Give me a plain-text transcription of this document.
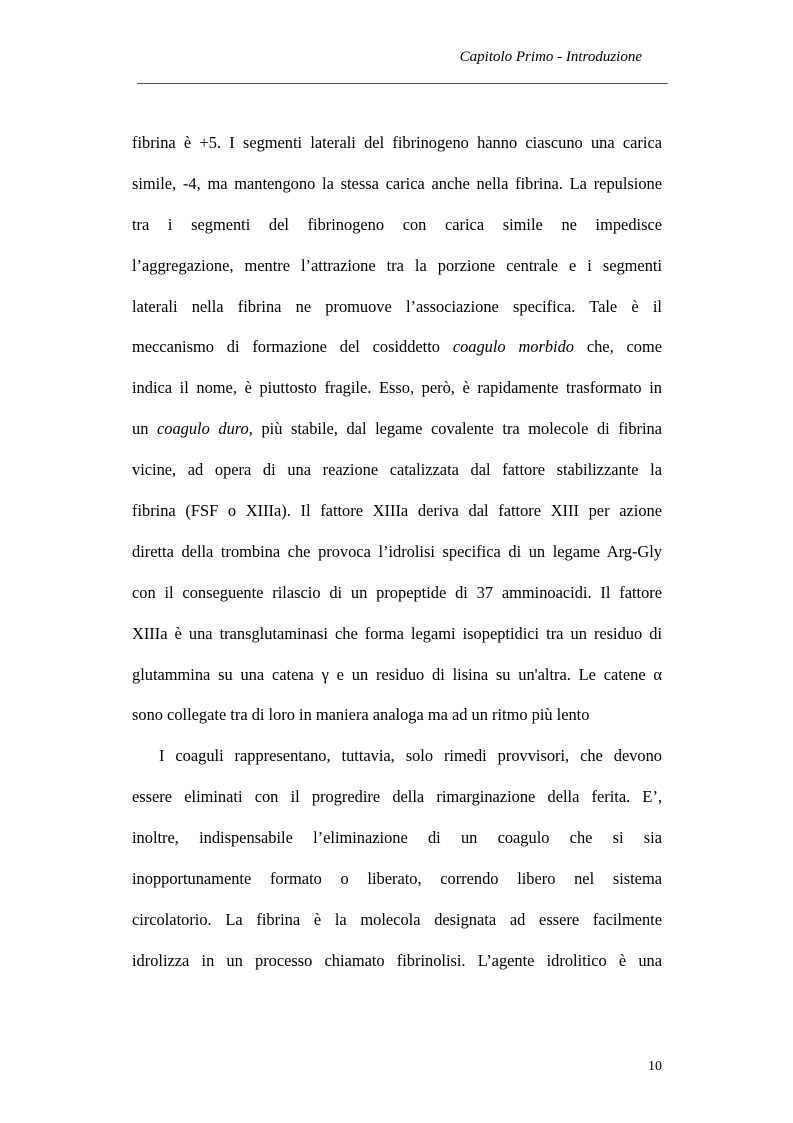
Capitolo Primo - Introduzione
fibrina è +5. I segmenti laterali del fibrinogeno hanno ciascuno una carica
simile, -4, ma mantengono la stessa carica anche nella fibrina. La repulsione
tra i segmenti del fibrinogeno con carica simile ne impedisce
l’aggregazione, mentre l’attrazione tra la porzione centrale e i segmenti
laterali nella fibrina ne promuove l’associazione specifica. Tale è il
meccanismo di formazione del cosiddetto coagulo morbido che, come
indica il nome, è piuttosto fragile. Esso, però, è rapidamente trasformato in
un coagulo duro, più stabile, dal legame covalente tra molecole di fibrina
vicine, ad opera di una reazione catalizzata dal fattore stabilizzante la
fibrina (FSF o XIIIa). Il fattore XIIIa deriva dal fattore XIII per azione
diretta della trombina che provoca l’idrolisi specifica di un legame Arg-Gly
con il conseguente rilascio di un propeptide di 37 amminoacidi. Il fattore
XIIIa è una transglutaminasi che forma legami isopeptidici tra un residuo di
glutammina su una catena γ e un residuo di lisina su un'altra. Le catene α
sono collegate tra di loro in maniera analoga ma ad un ritmo più lento
I coaguli rappresentano, tuttavia, solo rimedi provvisori, che devono
essere eliminati con il progredire della rimarginazione della ferita. E’,
inoltre, indispensabile l’eliminazione di un coagulo che si sia
inopportunamente formato o liberato, correndo libero nel sistema
circolatorio. La fibrina è la molecola designata ad essere facilmente
idrolizza in un processo chiamato fibrinolisi. L’agente idrolitico è una
10
